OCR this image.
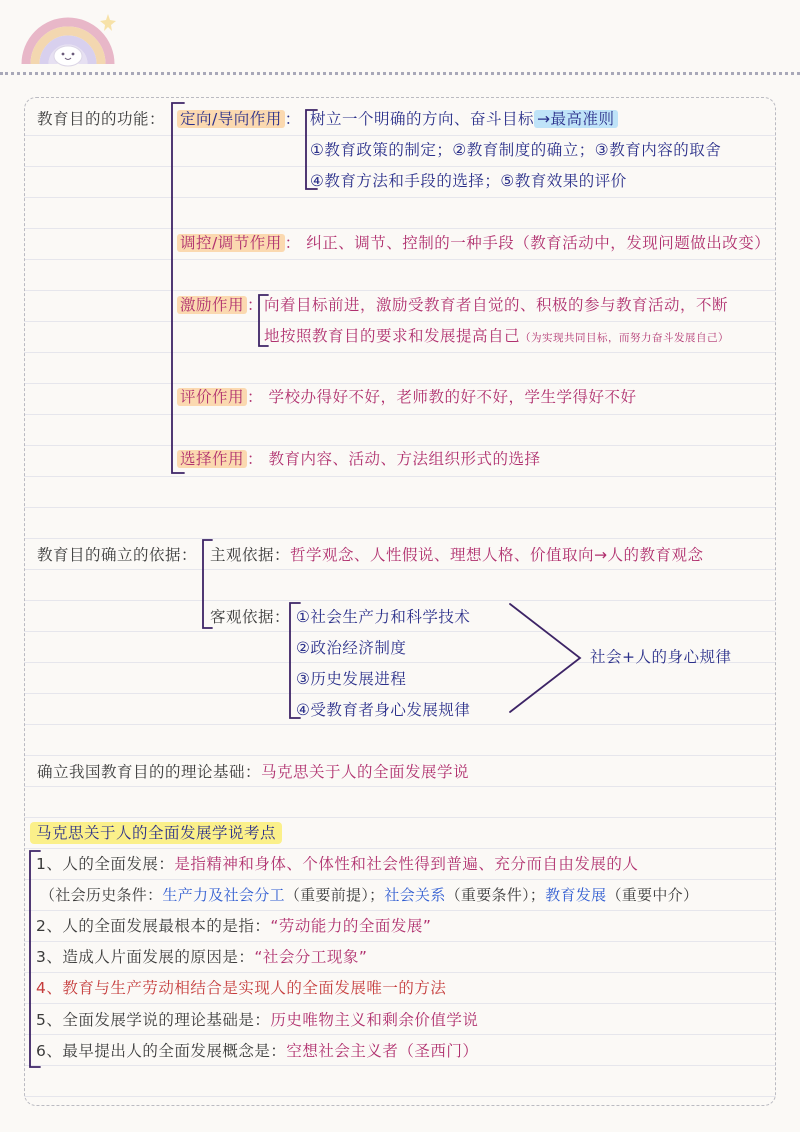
教育目的的功能： 定向/导向作用 ： 树立一个明确的方向、奋斗目标 →最高准则
①教育政策的制定；②教育制度的确立；③教育内容的取舍
④教育方法和手段的选择；⑤教育效果的评价
调控/调节作用 ： 纠正、调节、控制的一种手段（教育活动中，发现问题做出改变）
激励作用 ： 向着目标前进，激励受教育者自觉的、积极的参与教育活动，不断
地按照教育目的要求和发展提高自己（为实现共同目标，而努力奋斗发展自己）
评价作用 ： 学校办得好不好，老师教的好不好，学生学得好不好
选择作用 ： 教育内容、活动、方法组织形式的选择
教育目的确立的依据： 主观依据： 哲学观念、人性假说、理想人格、价值取向→人的教育观念
客观依据： ①社会生产力和科学技术
②政治经济制度
③历史发展进程
④受教育者身心发展规律
社会+人的身心规律
确立我国教育目的的理论基础：马克思关于人的全面发展学说
马克思关于人的全面发展学说考点
1、人的全面发展：是指精神和身体、个体性和社会性得到普遍、充分而自由发展的人
（社会历史条件：生产力及社会分工（重要前提）；社会关系（重要条件）；教育发展（重要中介）
2、人的全面发展最根本的是指：“劳动能力的全面发展”
3、造成人片面发展的原因是：“社会分工现象”
4、教育与生产劳动相结合是实现人的全面发展唯一的方法
5、全面发展学说的理论基础是：历史唯物主义和剩余价值学说
6、最早提出人的全面发展概念是：空想社会主义者（圣西门）
